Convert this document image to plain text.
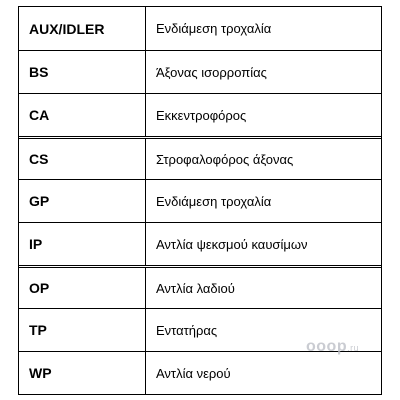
AUX/IDLER	Ενδιάμεση τροχαλία
BS	Άξονας ισορροπίας
CA	Εκκεντροφόρος
CS	Στροφαλοφόρος άξονας
GP	Ενδιάμεση τροχαλία
IP	Αντλία ψεκσμού καυσίμων
OP	Αντλία λαδιού
TP	Εντατήρας
WP	Αντλία νερού
ooop.ru
